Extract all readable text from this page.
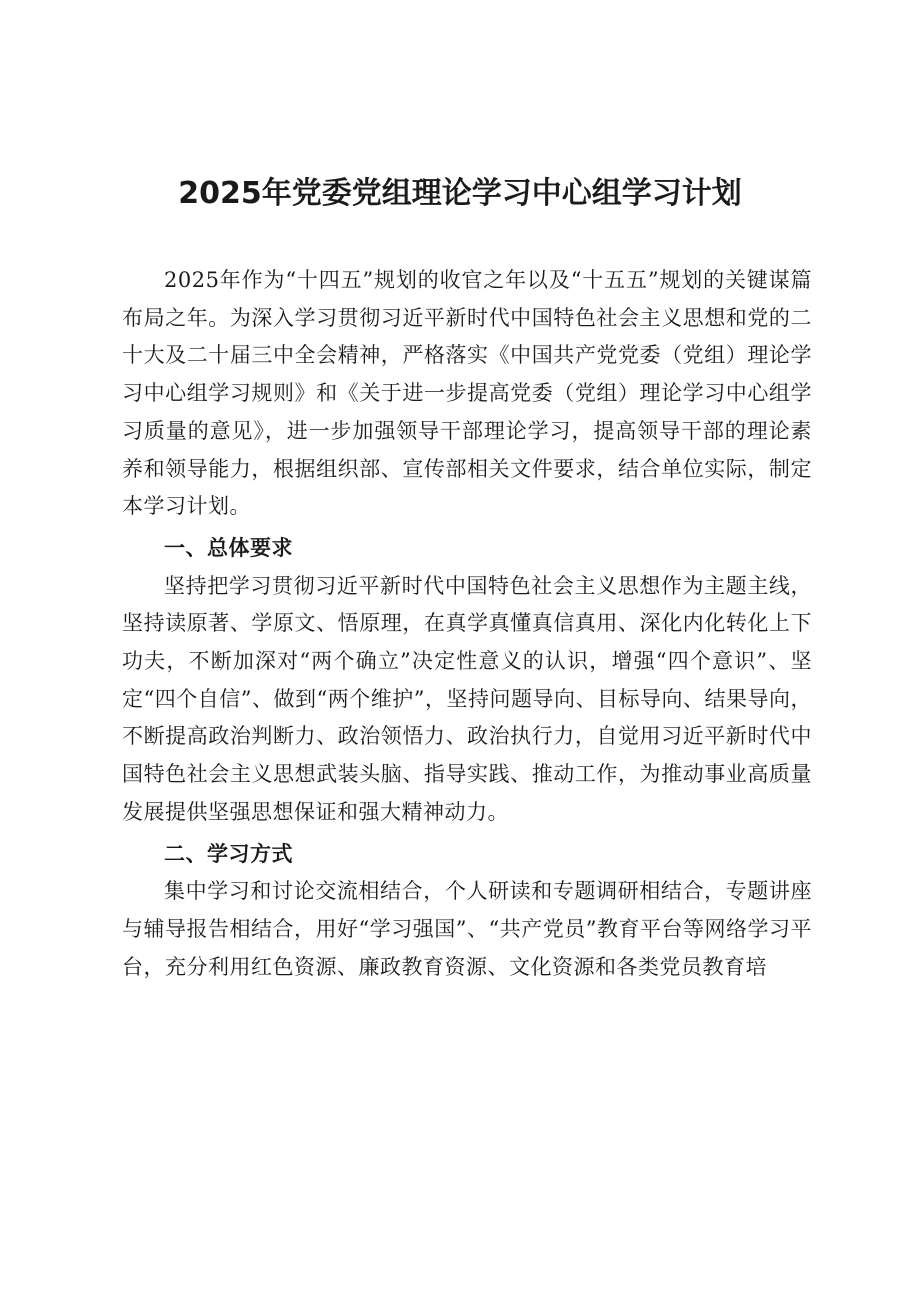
2025年党委党组理论学习中心组学习计划

2025年作为“十四五”规划的收官之年以及“十五五”规划的关键谋篇布局之年。为深入学习贯彻习近平新时代中国特色社会主义思想和党的二十大及二十届三中全会精神，严格落实《中国共产党党委（党组）理论学习中心组学习规则》和《关于进一步提高党委（党组）理论学习中心组学习质量的意见》，进一步加强领导干部理论学习，提高领导干部的理论素养和领导能力，根据组织部、宣传部相关文件要求，结合单位实际，制定本学习计划。

一、总体要求

坚持把学习贯彻习近平新时代中国特色社会主义思想作为主题主线，坚持读原著、学原文、悟原理，在真学真懂真信真用、深化内化转化上下功夫，不断加深对“两个确立”决定性意义的认识，增强“四个意识”、坚定“四个自信”、做到“两个维护”，坚持问题导向、目标导向、结果导向，不断提高政治判断力、政治领悟力、政治执行力，自觉用习近平新时代中国特色社会主义思想武装头脑、指导实践、推动工作，为推动事业高质量发展提供坚强思想保证和强大精神动力。

二、学习方式

集中学习和讨论交流相结合，个人研读和专题调研相结合，专题讲座与辅导报告相结合，用好“学习强国”、“共产党员”教育平台等网络学习平台，充分利用红色资源、廉政教育资源、文化资源和各类党员教育培
